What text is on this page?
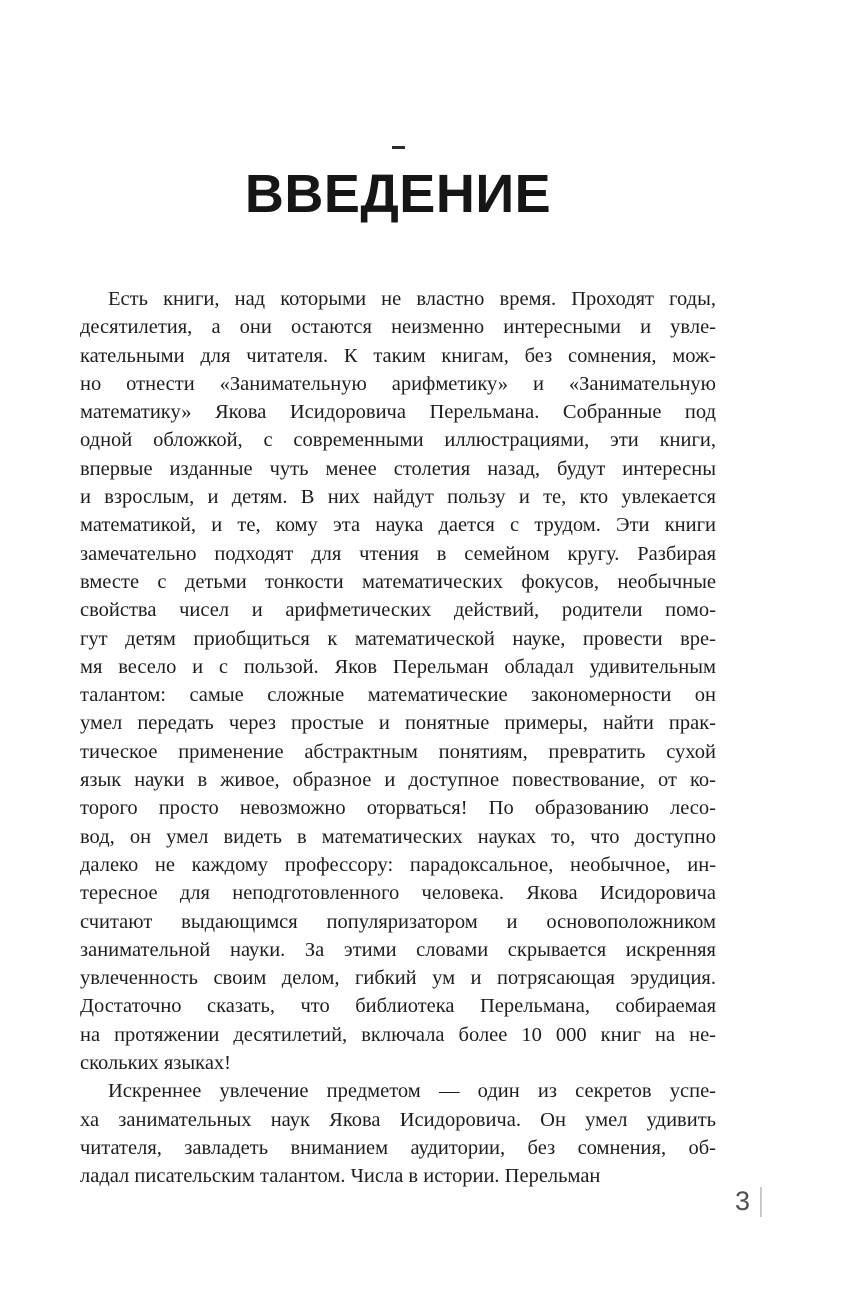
ВВЕДЕНИЕ
Есть книги, над которыми не властно время. Проходят годы,
десятилетия, а они остаются неизменно интересными и увле-
кательными для читателя. К таким книгам, без сомнения, мож-
но отнести «Занимательную арифметику» и «Занимательную
математику» Якова Исидоровича Перельмана. Собранные под
одной обложкой, с современными иллюстрациями, эти книги,
впервые изданные чуть менее столетия назад, будут интересны
и взрослым, и детям. В них найдут пользу и те, кто увлекается
математикой, и те, кому эта наука дается с трудом. Эти книги
замечательно подходят для чтения в семейном кругу. Разбирая
вместе с детьми тонкости математических фокусов, необычные
свойства чисел и арифметических действий, родители помо-
гут детям приобщиться к математической науке, провести вре-
мя весело и с пользой. Яков Перельман обладал удивительным
талантом: самые сложные математические закономерности он
умел передать через простые и понятные примеры, найти прак-
тическое применение абстрактным понятиям, превратить сухой
язык науки в живое, образное и доступное повествование, от ко-
торого просто невозможно оторваться! По образованию лесо-
вод, он умел видеть в математических науках то, что доступно
далеко не каждому профессору: парадоксальное, необычное, ин-
тересное для неподготовленного человека. Якова Исидоровича
считают выдающимся популяризатором и основоположником
занимательной науки. За этими словами скрывается искренняя
увлеченность своим делом, гибкий ум и потрясающая эрудиция.
Достаточно сказать, что библиотека Перельмана, собираемая
на протяжении десятилетий, включала более 10 000 книг на не-
скольких языках!
Искреннее увлечение предметом — один из секретов успе-
ха занимательных наук Якова Исидоровича. Он умел удивить
читателя, завладеть вниманием аудитории, без сомнения, об-
ладал писательским талантом. Числа в истории. Перельман
3
